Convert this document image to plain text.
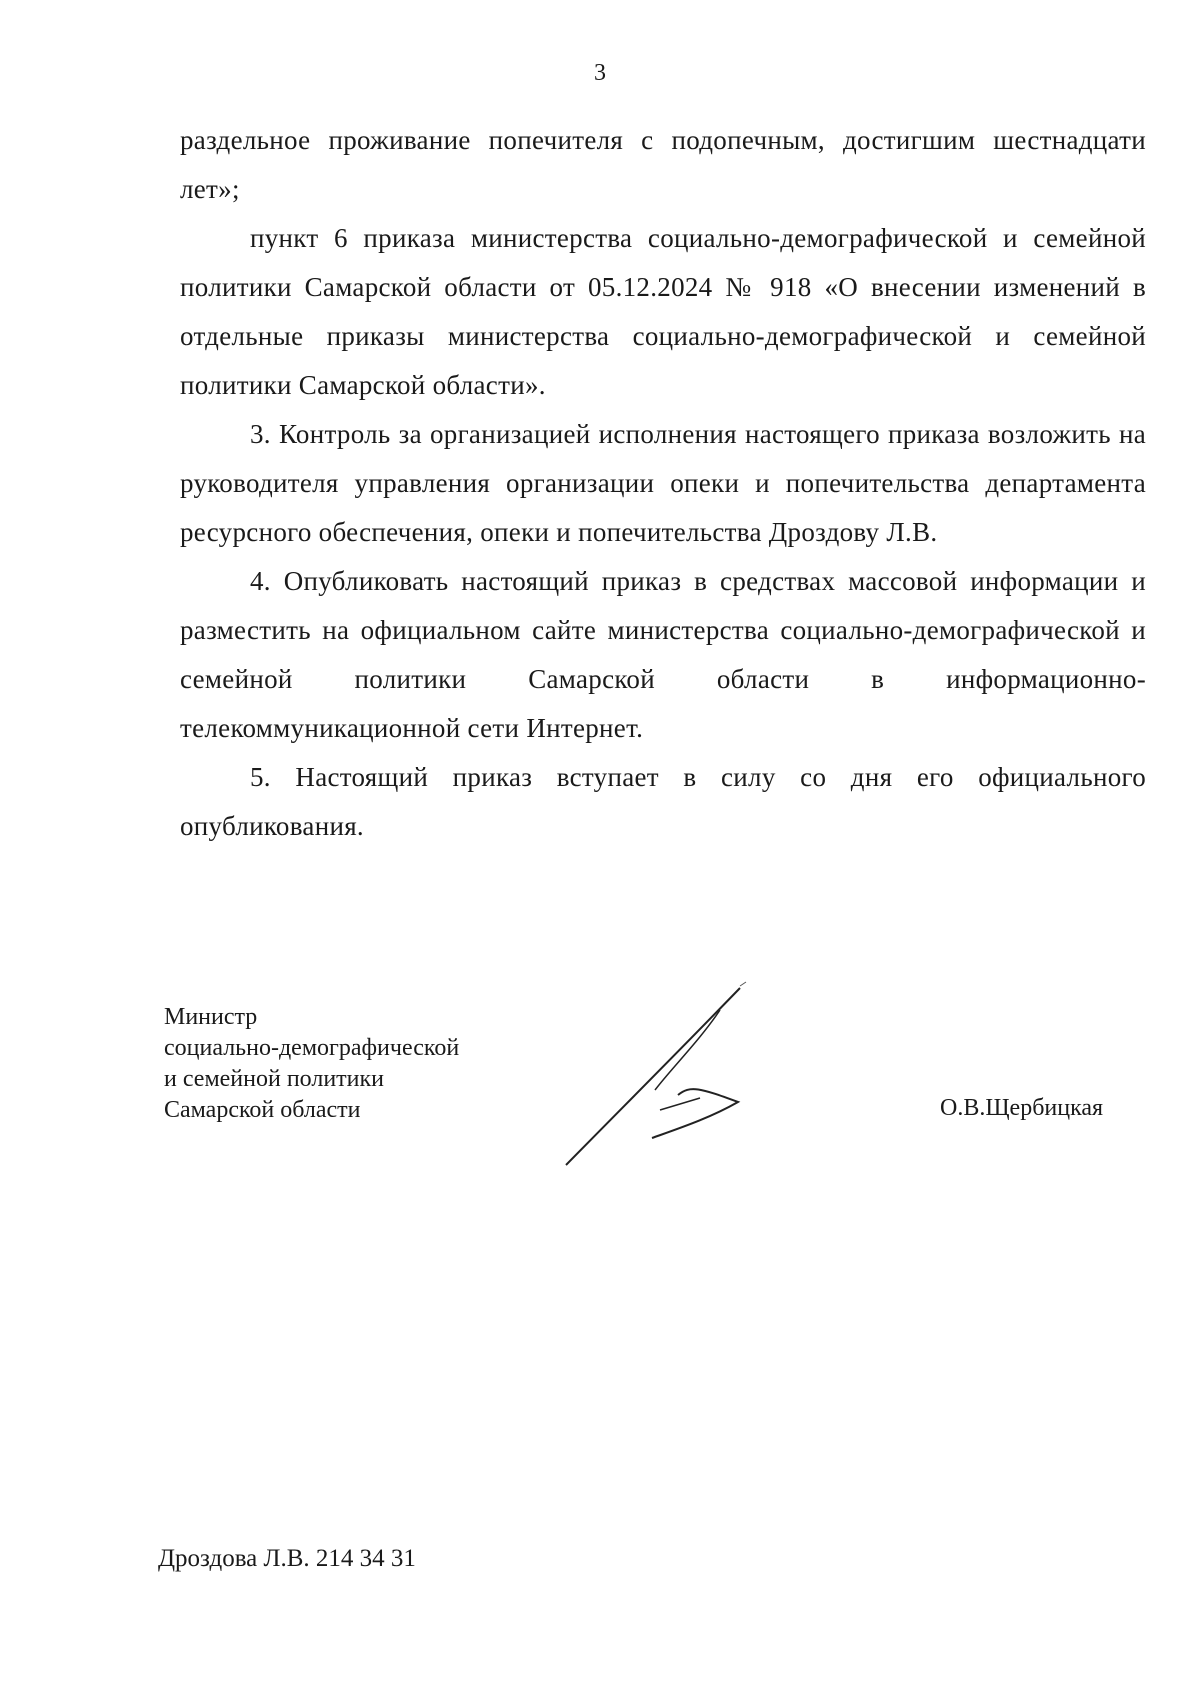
3

раздельное проживание попечителя с подопечным, достигшим шестнадцати лет»;

пункт 6 приказа министерства социально-демографической и семейной политики Самарской области от 05.12.2024 № 918 «О внесении изменений в отдельные приказы министерства социально-демографической и семейной политики Самарской области».

3. Контроль за организацией исполнения настоящего приказа возложить на руководителя управления организации опеки и попечительства департамента ресурсного обеспечения, опеки и попечительства Дроздову Л.В.

4. Опубликовать настоящий приказ в средствах массовой информации и разместить на официальном сайте министерства социально-демографической и семейной политики Самарской области в информационно-телекоммуникационной сети Интернет.

5. Настоящий приказ вступает в силу со дня его официального опубликования.

Министр
социально-демографической
и семейной политики
Самарской области	О.В.Щербицкая
Дроздова Л.В. 214 34 31
